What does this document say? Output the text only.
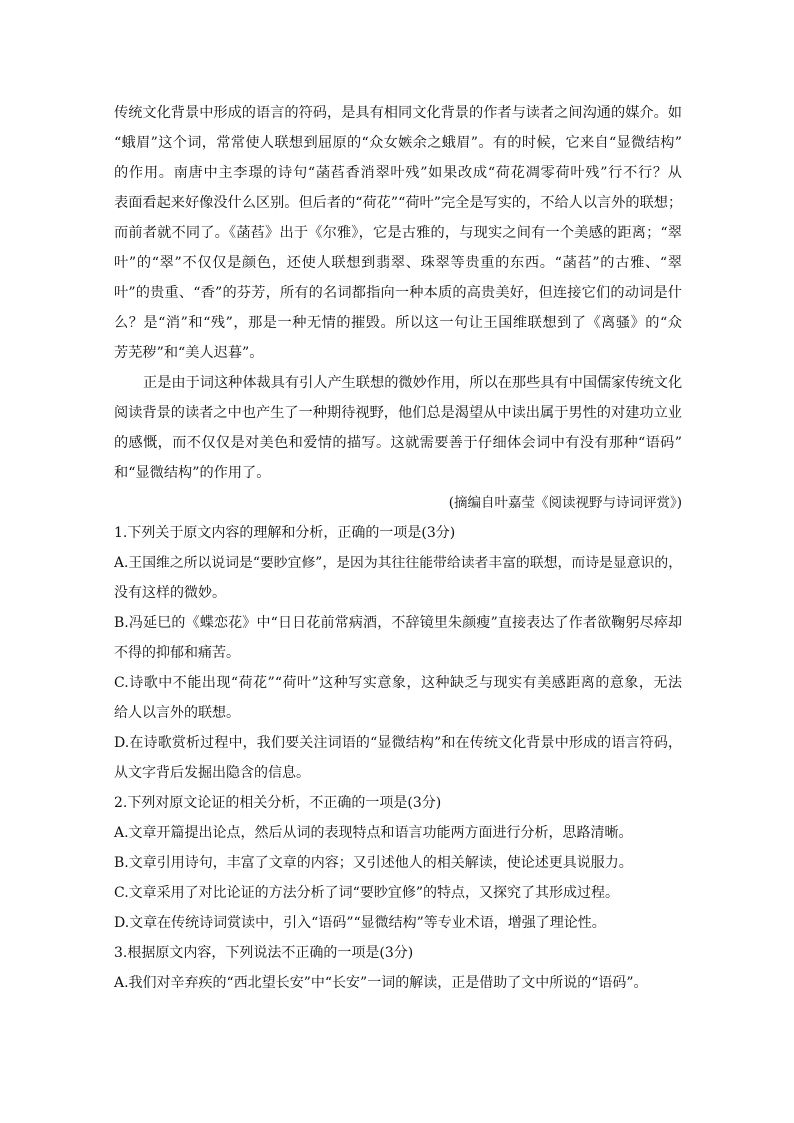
传统文化背景中形成的语言的符码，是具有相同文化背景的作者与读者之间沟通的媒介。如
“蛾眉”这个词，常常使人联想到屈原的“众女嫉余之蛾眉”。有的时候，它来自“显微结构”
的作用。南唐中主李璟的诗句“菡萏香消翠叶残”如果改成“荷花凋零荷叶残”行不行？从
表面看起来好像没什么区别。但后者的“荷花”“荷叶”完全是写实的，不给人以言外的联想；
而前者就不同了。《菡萏》出于《尔雅》，它是古雅的，与现实之间有一个美感的距离；“翠
叶”的“翠”不仅仅是颜色，还使人联想到翡翠、珠翠等贵重的东西。“菡萏”的古雅、“翠
叶”的贵重、“香”的芬芳，所有的名词都指向一种本质的高贵美好，但连接它们的动词是什
么？是“消”和“残”，那是一种无情的摧毁。所以这一句让王国维联想到了《离骚》的“众
芳芜秽”和“美人迟暮”。
正是由于词这种体裁具有引人产生联想的微妙作用，所以在那些具有中国儒家传统文化
阅读背景的读者之中也产生了一种期待视野，他们总是渴望从中读出属于男性的对建功立业
的感慨，而不仅仅是对美色和爱情的描写。这就需要善于仔细体会词中有没有那种“语码”
和“显微结构”的作用了。
(摘编自叶嘉莹《阅读视野与诗词评赏》)
1.下列关于原文内容的理解和分析，正确的一项是(3分)
A.王国维之所以说词是“要眇宜修”，是因为其往往能带给读者丰富的联想，而诗是显意识的，
没有这样的微妙。
B.冯延巳的《蝶恋花》中“日日花前常病酒，不辞镜里朱颜瘦”直接表达了作者欲鞠躬尽瘁却
不得的抑郁和痛苦。
C.诗歌中不能出现“荷花”“荷叶”这种写实意象，这种缺乏与现实有美感距离的意象，无法
给人以言外的联想。
D.在诗歌赏析过程中，我们要关注词语的“显微结构”和在传统文化背景中形成的语言符码，
从文字背后发掘出隐含的信息。
2.下列对原文论证的相关分析，不正确的一项是(3分)
A.文章开篇提出论点，然后从词的表现特点和语言功能两方面进行分析，思路清晰。
B.文章引用诗句，丰富了文章的内容；又引述他人的相关解读，使论述更具说服力。
C.文章采用了对比论证的方法分析了词“要眇宜修”的特点，又探究了其形成过程。
D.文章在传统诗词赏读中，引入“语码”“显微结构”等专业术语，增强了理论性。
3.根据原文内容，下列说法不正确的一项是(3分)
A.我们对辛弃疾的“西北望长安”中“长安”一词的解读，正是借助了文中所说的“语码”。
